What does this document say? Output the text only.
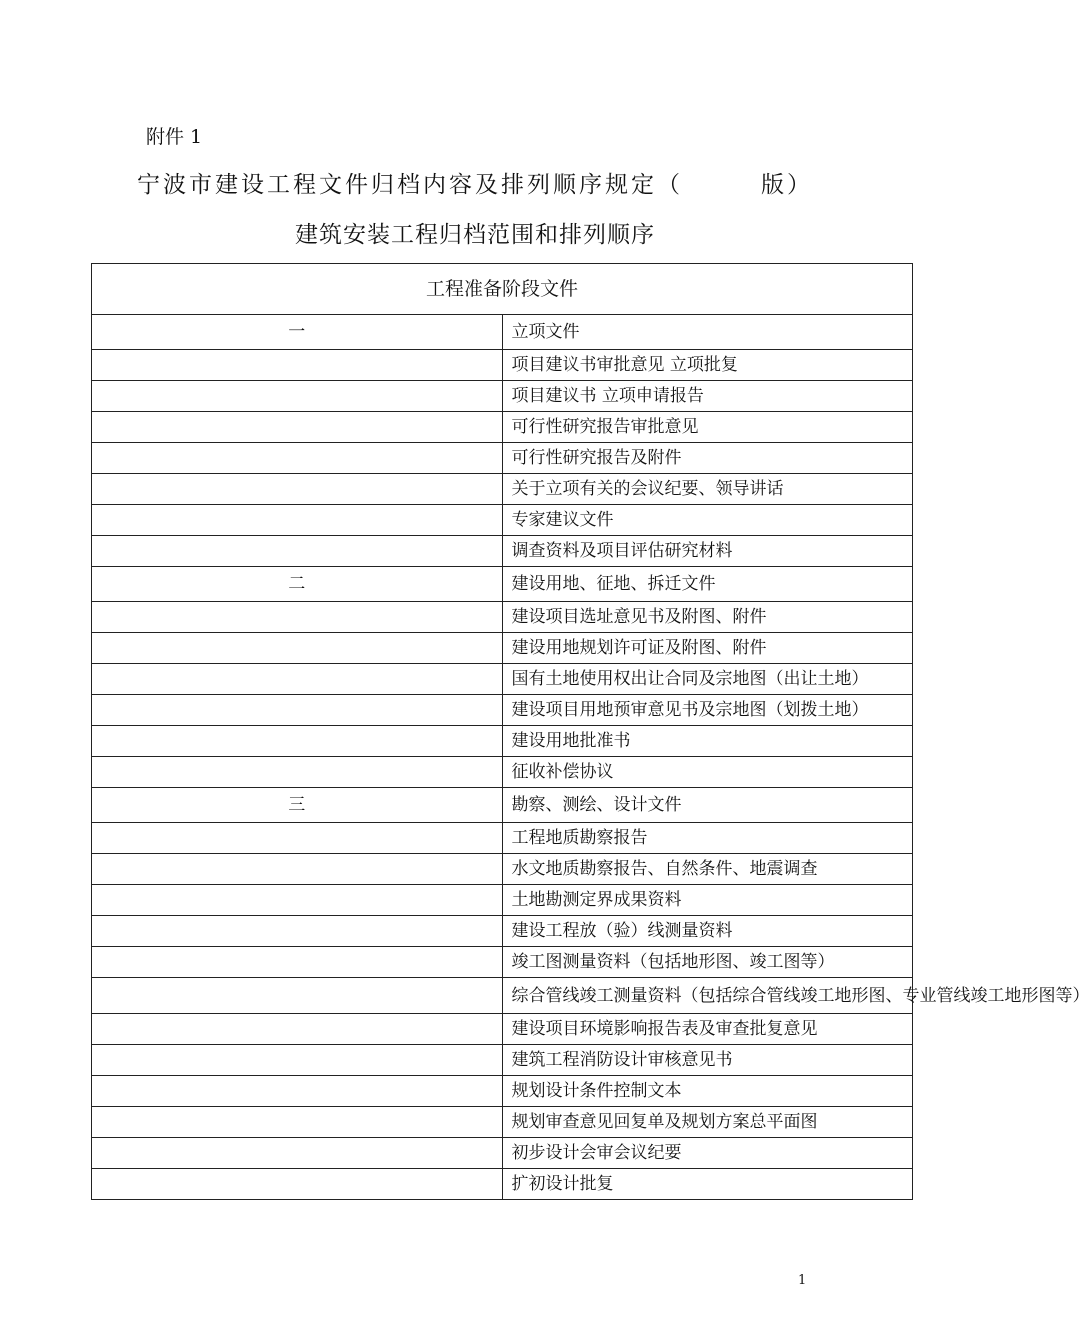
附件 1
宁波市建设工程文件归档内容及排列顺序规定（　　　版）
建筑安装工程归档范围和排列顺序
工程准备阶段文件	
一	立项文件
	项目建议书审批意见 立项批复
	项目建议书 立项申请报告
	可行性研究报告审批意见
	可行性研究报告及附件
	关于立项有关的会议纪要、领导讲话
	专家建议文件
	调查资料及项目评估研究材料
二	建设用地、征地、拆迁文件
	建设项目选址意见书及附图、附件
	建设用地规划许可证及附图、附件
	国有土地使用权出让合同及宗地图（出让土地）
	建设项目用地预审意见书及宗地图（划拨土地）
	建设用地批准书
	征收补偿协议
三	勘察、测绘、设计文件
	工程地质勘察报告
	水文地质勘察报告、自然条件、地震调查
	土地勘测定界成果资料
	建设工程放（验）线测量资料
	竣工图测量资料（包括地形图、竣工图等）
	综合管线竣工测量资料（包括综合管线竣工地形图、专业管线竣工地形图等）
	建设项目环境影响报告表及审查批复意见
	建筑工程消防设计审核意见书
	规划设计条件控制文本
	规划审查意见回复单及规划方案总平面图
	初步设计会审会议纪要
	扩初设计批复
1
